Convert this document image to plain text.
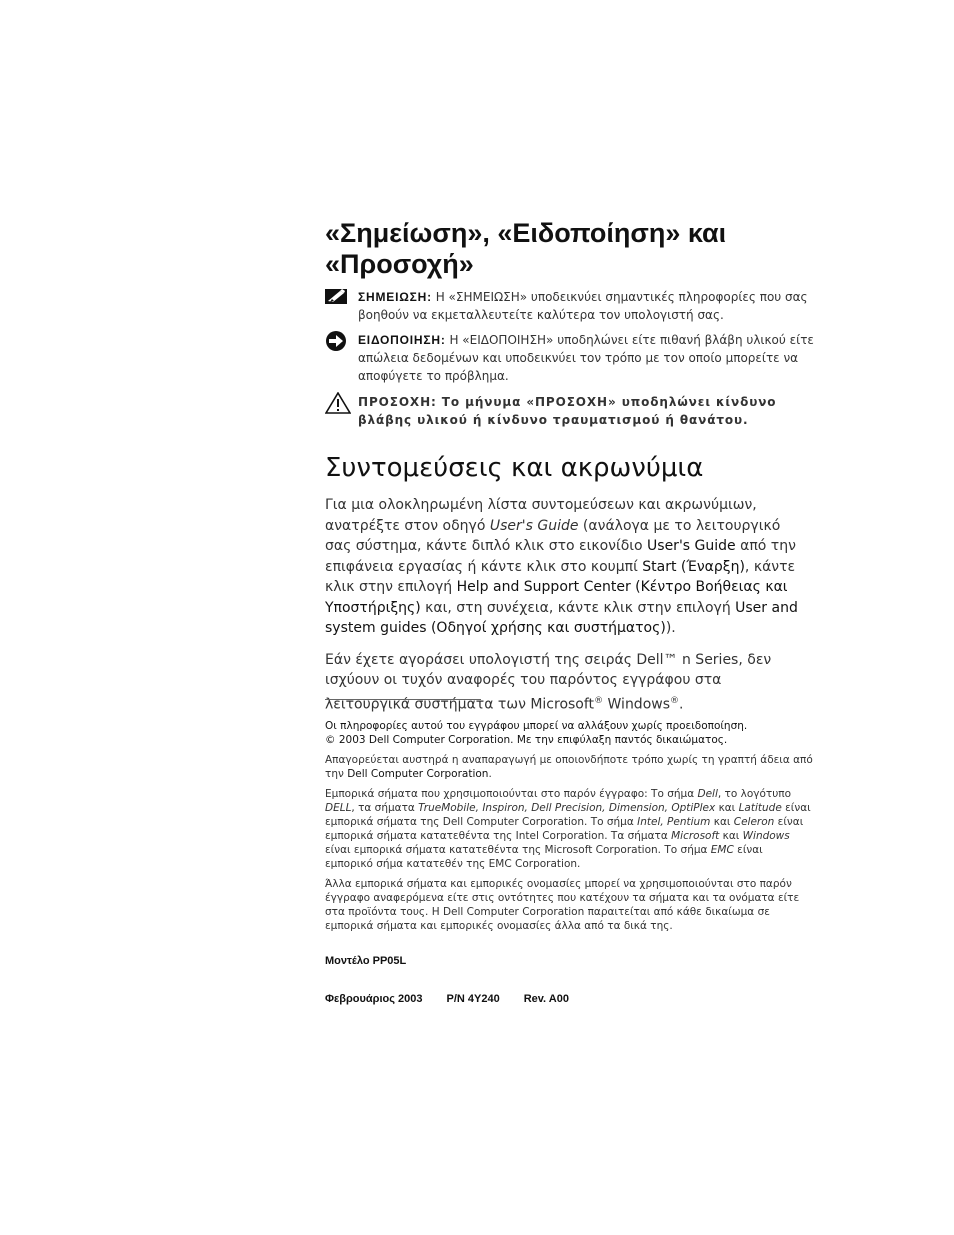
«Σημείωση», «Ειδοποίηση» και «Προσοχή»
ΣΗΜΕΙΩΣΗ: Η «ΣΗΜΕΙΩΣΗ» υποδεικνύει σημαντικές πληροφορίες που σας βοηθούν να εκμεταλλευτείτε καλύτερα τον υπολογιστή σας.
ΕΙΔΟΠΟΙΗΣΗ: Η «ΕΙΔΟΠΟΙΗΣΗ» υποδηλώνει είτε πιθανή βλάβη υλικού είτε απώλεια δεδομένων και υποδεικνύει τον τρόπο με τον οποίο μπορείτε να αποφύγετε το πρόβλημα.
ΠΡΟΣΟΧΗ: Το μήνυμα «ΠΡΟΣΟΧΗ» υποδηλώνει κίνδυνο βλάβης υλικού ή κίνδυνο τραυματισμού ή θανάτου.
Συντομεύσεις και ακρωνύμια

Για μια ολοκληρωμένη λίστα συντομεύσεων και ακρωνύμιων, ανατρέξτε στον οδηγό User's Guide (ανάλογα με το λειτουργικό σας σύστημα, κάντε διπλό κλικ στο εικονίδιο User's Guide από την επιφάνεια εργασίας ή κάντε κλικ στο κουμπί Start (Έναρξη), κάντε κλικ στην επιλογή Help and Support Center (Κέντρο Βοήθειας και Υποστήριξης) και, στη συνέχεια, κάντε κλικ στην επιλογή User and system guides (Οδηγοί χρήσης και συστήματος)).

Εάν έχετε αγοράσει υπολογιστή της σειράς Dell™ n Series, δεν ισχύουν οι τυχόν αναφορές του παρόντος εγγράφου στα λειτουργικά συστήματα των Microsoft® Windows®.

Οι πληροφορίες αυτού του εγγράφου μπορεί να αλλάξουν χωρίς προειδοποίηση.
© 2003 Dell Computer Corporation. Με την επιφύλαξη παντός δικαιώματος.

Απαγορεύεται αυστηρά η αναπαραγωγή με οποιονδήποτε τρόπο χωρίς τη γραπτή άδεια από την Dell Computer Corporation.

Εμπορικά σήματα που χρησιμοποιούνται στο παρόν έγγραφο: Το σήμα Dell, το λογότυπο DELL, τα σήματα TrueMobile, Inspiron, Dell Precision, Dimension, OptiPlex και Latitude είναι εμπορικά σήματα της Dell Computer Corporation. Το σήμα Intel, Pentium και Celeron είναι εμπορικά σήματα κατατεθέντα της Intel Corporation. Τα σήματα Microsoft και Windows είναι εμπορικά σήματα κατατεθέντα της Microsoft Corporation. Το σήμα EMC είναι εμπορικό σήμα κατατεθέν της EMC Corporation.

Άλλα εμπορικά σήματα και εμπορικές ονομασίες μπορεί να χρησιμοποιούνται στο παρόν έγγραφο αναφερόμενα είτε στις οντότητες που κατέχουν τα σήματα και τα ονόματα είτε στα προϊόντα τους. Η Dell Computer Corporation παραιτείται από κάθε δικαίωμα σε εμπορικά σήματα και εμπορικές ονομασίες άλλα από τα δικά της.

Μοντέλο PP05L
Φεβρουάριος 2003 P/N 4Y240 Rev. A00
